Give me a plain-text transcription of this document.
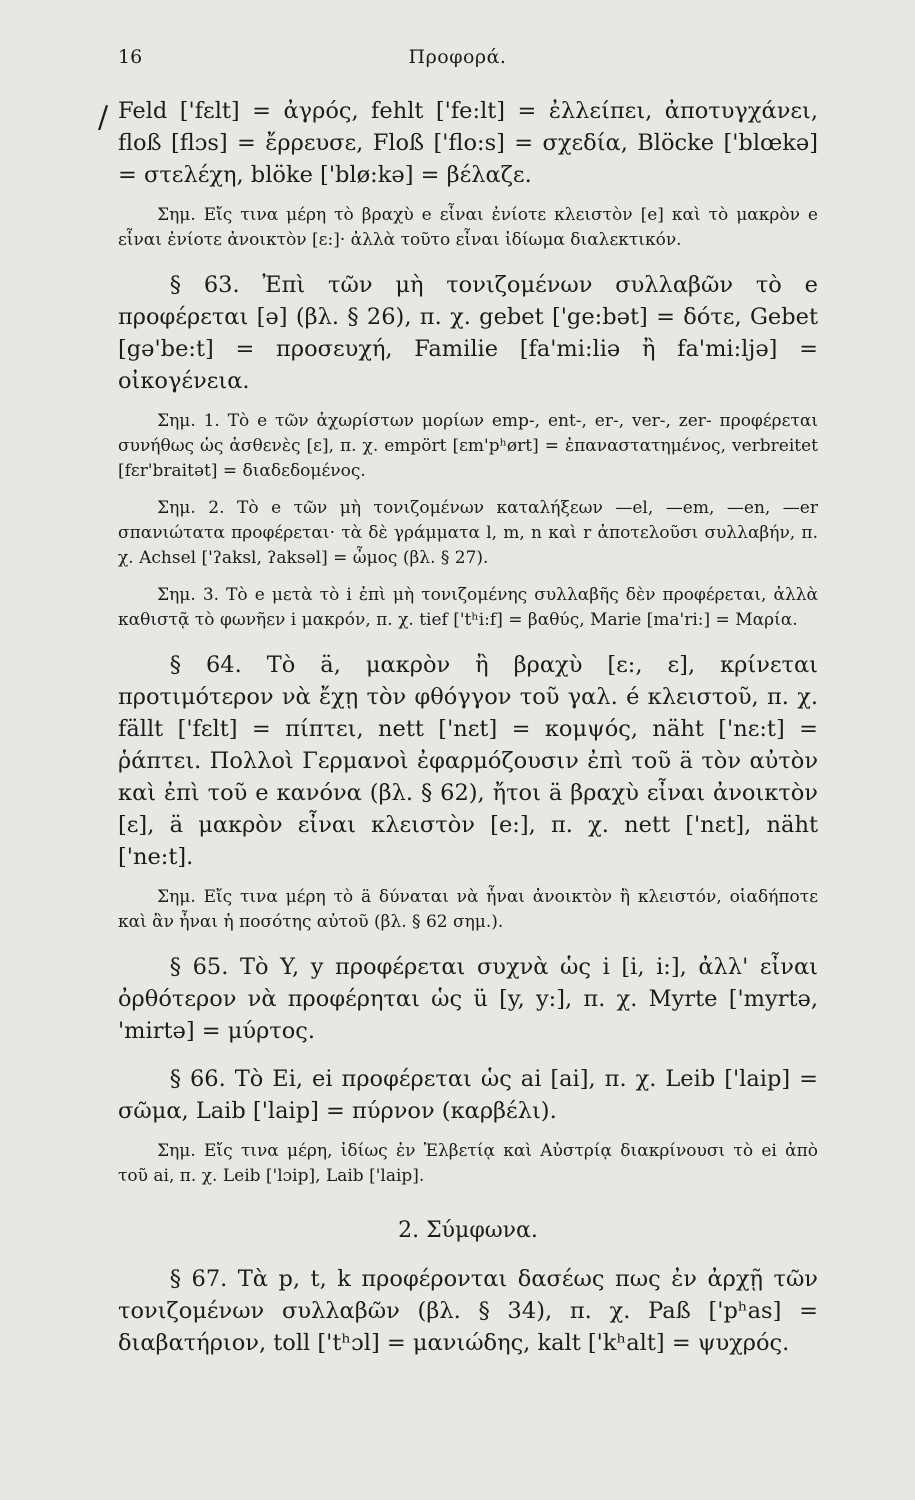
16	Προφορά.
/ Feld ['fɛlt] = ἀγρός, fehlt ['fe:lt] = ἐλλείπει, ἀποτυγχάνει, floß [flɔs] = ἔρρευσε, Floß ['flo:s] = σχεδία, Blöcke ['blœkə] = στελέχη, blöke ['blø:kə] = βέλαζε.

Σημ. Εἴς τινα μέρη τὸ βραχὺ e εἶναι ἐνίοτε κλειστὸν [e] καὶ τὸ μακρὸν e εἶναι ἐνίοτε ἀνοικτὸν [ɛ:]· ἀλλὰ τοῦτο εἶναι ἰδίωμα διαλεκτικόν.

§ 63. Ἐπὶ τῶν μὴ τονιζομένων συλλαβῶν τὸ e προφέρεται [ə] (βλ. § 26), π. χ. gebet ['ge:bət] = δότε, Gebet [gə'be:t] = προσευχή, Familie [fa'mi:liə ἢ fa'mi:ljə] = οἰκογένεια.

Σημ. 1. Τὸ e τῶν ἀχωρίστων μορίων emp-, ent-, er-, ver-, zer- προφέρεται συνήθως ὡς ἀσθενὲς [ɛ], π. χ. empört [ɛm'pʰørt] = ἐπαναστατημένος, verbreitet [fɛr'braitət] = διαδεδομένος.

Σημ. 2. Τὸ e τῶν μὴ τονιζομένων καταλήξεων —el, —em, —en, —er σπανιώτατα προφέρεται· τὰ δὲ γράμματα l, m, n καὶ r ἀποτελοῦσι συλλαβήν, π. χ. Achsel ['ʔaksl, ʔaksəl] = ὦμος (βλ. § 27).

Σημ. 3. Τὸ e μετὰ τὸ i ἐπὶ μὴ τονιζομένης συλλαβῆς δὲν προφέρεται, ἀλλὰ καθιστᾷ τὸ φωνῆεν i μακρόν, π. χ. tief ['tʰi:f] = βαθύς, Marie [ma'ri:] = Μαρία.

§ 64. Τὸ ä, μακρὸν ἢ βραχὺ [ɛ:, ɛ], κρίνεται προτιμότερον νὰ ἔχῃ τὸν φθόγγον τοῦ γαλ. é κλειστοῦ, π. χ. fällt ['fɛlt] = πίπτει, nett ['nɛt] = κομψός, näht ['nɛ:t] = ῥάπτει. Πολλοὶ Γερμανοὶ ἐφαρμόζουσιν ἐπὶ τοῦ ä τὸν αὐτὸν καὶ ἐπὶ τοῦ e κανόνα (βλ. § 62), ἤτοι ä βραχὺ εἶναι ἀνοικτὸν [ɛ], ä μακρὸν εἶναι κλειστὸν [e:], π. χ. nett ['nɛt], näht ['ne:t].

Σημ. Εἴς τινα μέρη τὸ ä δύναται νὰ ἦναι ἀνοικτὸν ἢ κλειστόν, οἱαδήποτε καὶ ἂν ἦναι ἡ ποσότης αὐτοῦ (βλ. § 62 σημ.).

§ 65. Τὸ Y, y προφέρεται συχνὰ ὡς i [i, i:], ἀλλ' εἶναι ὀρθότερον νὰ προφέρηται ὡς ü [y, y:], π. χ. Myrte ['myrtə, 'mirtə] = μύρτος.

§ 66. Τὸ Ei, ei προφέρεται ὡς ai [ai], π. χ. Leib ['laip] = σῶμα, Laib ['laip] = πύρνον (καρβέλι).

Σημ. Εἴς τινα μέρη, ἰδίως ἐν Ἑλβετίᾳ καὶ Αὐστρίᾳ διακρίνουσι τὸ ei ἀπὸ τοῦ ai, π. χ. Leib ['lɔip], Laib ['laip].

2. Σύμφωνα.

§ 67. Τὰ p, t, k προφέρονται δασέως πως ἐν ἀρχῇ τῶν τονιζομένων συλλαβῶν (βλ. § 34), π. χ. Paß ['pʰas] = διαβατήριον, toll ['tʰɔl] = μανιώδης, kalt ['kʰalt] = ψυχρός.
